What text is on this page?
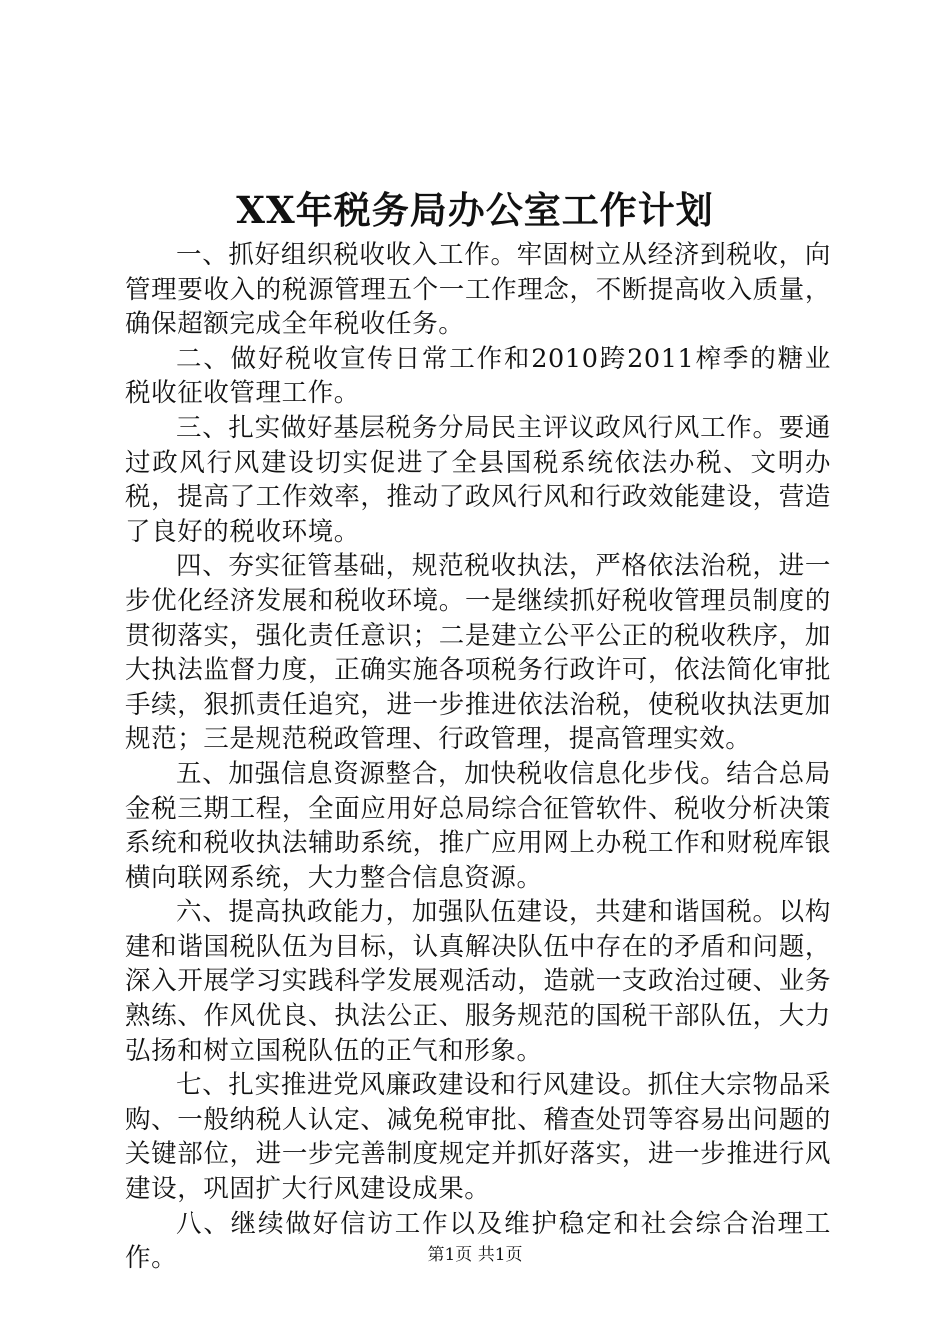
XX年税务局办公室工作计划

一、抓好组织税收收入工作。牢固树立从经济到税收，向管理要收入的税源管理五个一工作理念，不断提高收入质量，确保超额完成全年税收任务。

二、做好税收宣传日常工作和2010跨2011榨季的糖业税收征收管理工作。

三、扎实做好基层税务分局民主评议政风行风工作。要通过政风行风建设切实促进了全县国税系统依法办税、文明办税，提高了工作效率，推动了政风行风和行政效能建设，营造了良好的税收环境。

四、夯实征管基础，规范税收执法，严格依法治税，进一步优化经济发展和税收环境。一是继续抓好税收管理员制度的贯彻落实，强化责任意识；二是建立公平公正的税收秩序，加大执法监督力度，正确实施各项税务行政许可，依法简化审批手续，狠抓责任追究，进一步推进依法治税，使税收执法更加规范；三是规范税政管理、行政管理，提高管理实效。

五、加强信息资源整合，加快税收信息化步伐。结合总局金税三期工程，全面应用好总局综合征管软件、税收分析决策系统和税收执法辅助系统，推广应用网上办税工作和财税库银横向联网系统，大力整合信息资源。

六、提高执政能力，加强队伍建设，共建和谐国税。以构建和谐国税队伍为目标，认真解决队伍中存在的矛盾和问题，深入开展学习实践科学发展观活动，造就一支政治过硬、业务熟练、作风优良、执法公正、服务规范的国税干部队伍，大力弘扬和树立国税队伍的正气和形象。

七、扎实推进党风廉政建设和行风建设。抓住大宗物品采购、一般纳税人认定、减免税审批、稽查处罚等容易出问题的关键部位，进一步完善制度规定并抓好落实，进一步推进行风建设，巩固扩大行风建设成果。

八、继续做好信访工作以及维护稳定和社会综合治理工作。	第1页 共1页
